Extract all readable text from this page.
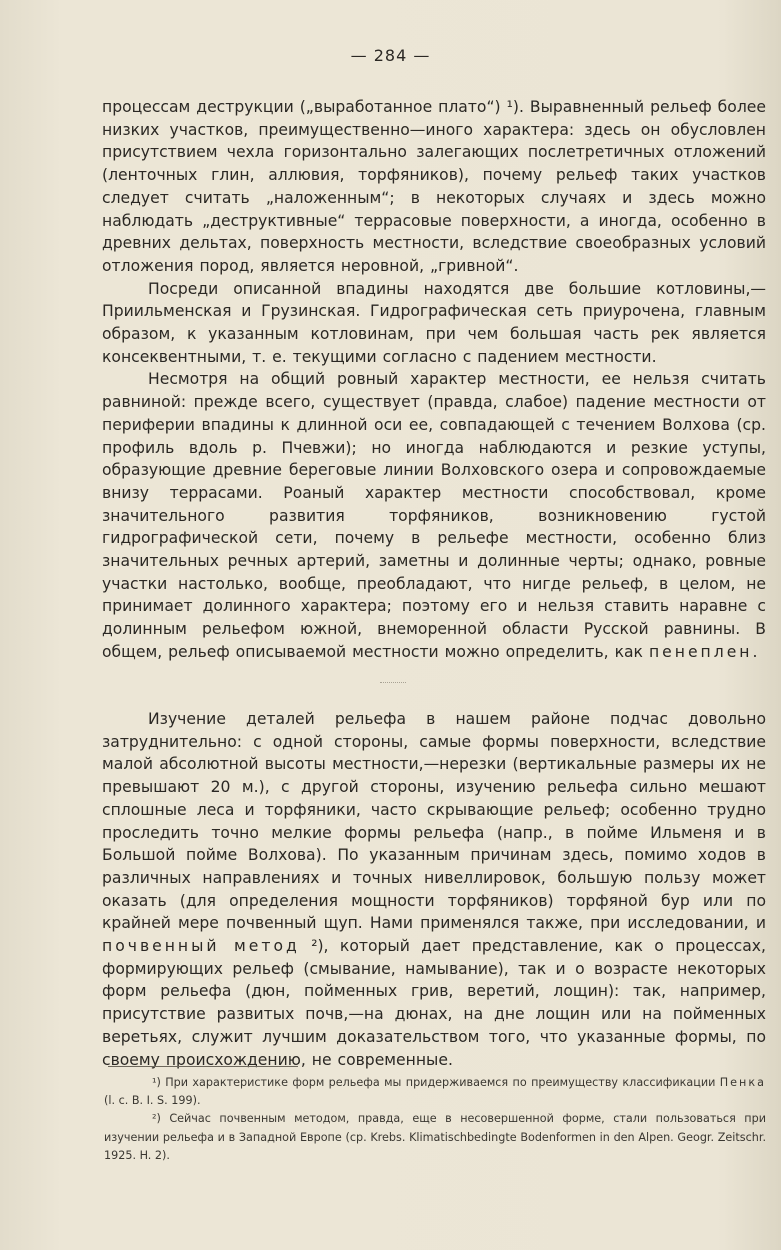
— 284 —

процессам деструкции („выработанное плато“) ¹). Выравненный рельеф более низких участков, преимущественно—иного характера: здесь он обусловлен присутствием чехла горизонтально залегающих послетретичных отложений (ленточных глин, аллювия, торфяников), почему рельеф таких участков следует считать „наложенным“; в некоторых случаях и здесь можно наблюдать „деструктивные“ террасовые поверхности, а иногда, особенно в древних дельтах, поверхность местности, вследствие своеобразных условий отложения пород, является неровной, „гривной“.

Посреди описанной впадины находятся две большие котловины,—Приильменская и Грузинская. Гидрографическая сеть приурочена, главным образом, к указанным котловинам, при чем большая часть рек является консеквентными, т. е. текущими согласно с падением местности.

Несмотря на общий ровный характер местности, ее нельзя считать равниной: прежде всего, существует (правда, слабое) падение местности от периферии впадины к длинной оси ее, совпадающей с течением Волхова (ср. профиль вдоль р. Пчевжи); но иногда наблюдаются и резкие уступы, образующие древние береговые линии Волховского озера и сопровождаемые внизу террасами. Роаный характер местности способствовал, кроме значительного развития торфяников, возникновению густой гидрографической сети, почему в рельефе местности, особенно близ значительных речных артерий, заметны и долинные черты; однако, ровные участки настолько, вообще, преобладают, что нигде рельеф, в целом, не принимает долинного характера; поэтому его и нельзя ставить наравне с долинным рельефом южной, внеморенной области Русской равнины. В общем, рельеф описываемой местности можно определить, как пенеплен.

Изучение деталей рельефа в нашем районе подчас довольно затруднительно: с одной стороны, самые формы поверхности, вследствие малой абсолютной высоты местности,—нерезки (вертикальные размеры их не превышают 20 м.), с другой стороны, изучению рельефа сильно мешают сплошные леса и торфяники, часто скрывающие рельеф; особенно трудно проследить точно мелкие формы рельефа (напр., в пойме Ильменя и в Большой пойме Волхова). По указанным причинам здесь, помимо ходов в различных направлениях и точных нивеллировок, большую пользу может оказать (для определения мощности торфяников) торфяной бур или по крайней мере почвенный щуп. Нами применялся также, при исследовании, и почвенный метод ²), который дает представление, как о процессах, формирующих рельеф (смывание, намывание), так и о возрасте некоторых форм рельефа (дюн, пойменных грив, веретий, лощин): так, например, присутствие развитых почв,—на дюнах, на дне лощин или на пойменных веретьях, служит лучшим доказательством того, что указанные формы, по своему происхождению, не современные.

¹) При характеристике форм рельефа мы придерживаемся по преимуществу классификации Пенка (l. c. B. I. S. 199).

²) Сейчас почвенным методом, правда, еще в несовершенной форме, стали пользоваться при изучении рельефа и в Западной Европе (ср. Krebs. Klimatischbedingte Bodenformen in den Alpen. Geogr. Zeitschr. 1925. H. 2).
